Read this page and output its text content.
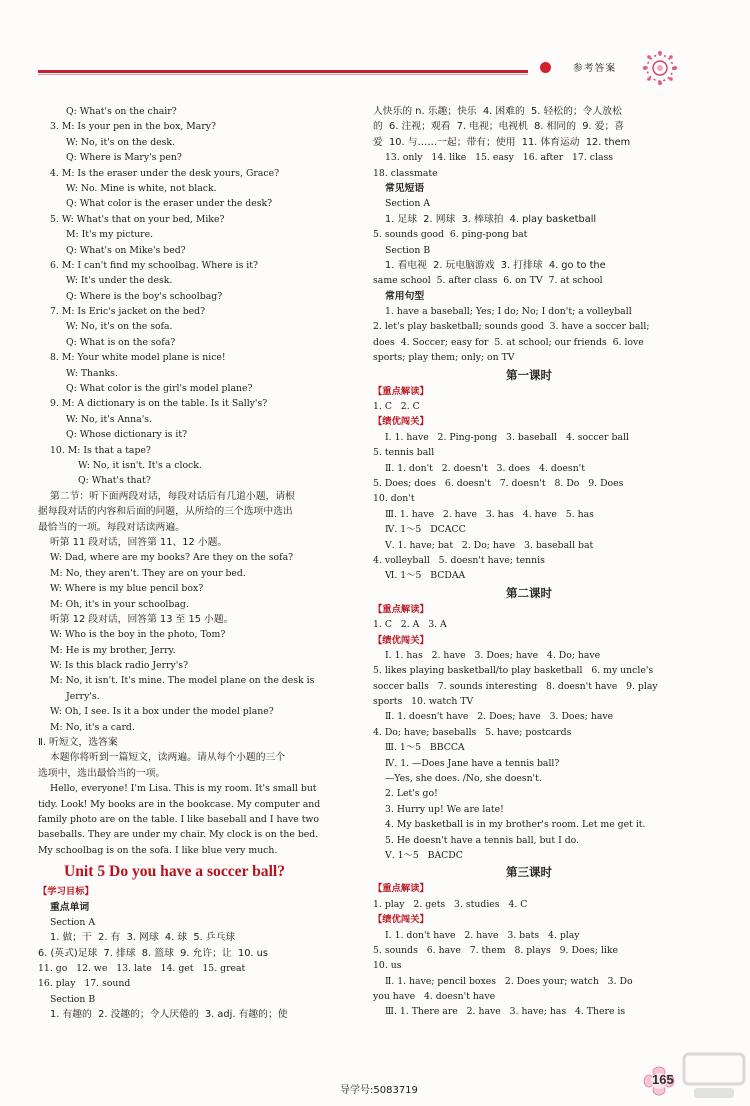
参考答案
Q: What's on the chair?
3. M: Is your pen in the box, Mary?
W: No, it's on the desk.
Q: Where is Mary's pen?
4. M: Is the eraser under the desk yours, Grace?
W: No. Mine is white, not black.
Q: What color is the eraser under the desk?
5. W: What's that on your bed, Mike?
M: It's my picture.
Q: What's on Mike's bed?
6. M: I can't find my schoolbag. Where is it?
W: It's under the desk.
Q: Where is the boy's schoolbag?
7. M: Is Eric's jacket on the bed?
W: No, it's on the sofa.
Q: What is on the sofa?
8. M: Your white model plane is nice!
W: Thanks.
Q: What color is the girl's model plane?
9. M: A dictionary is on the table. Is it Sally's?
W: No, it's Anna's.
Q: Whose dictionary is it?
10. M: Is that a tape?
W: No, it isn't. It's a clock.
Q: What's that?
第二节：听下面两段对话，每段对话后有几道小题，请根
据每段对话的内容和后面的问题，从所给的三个选项中选出
最恰当的一项。每段对话读两遍。
听第 11 段对话，回答第 11、12 小题。
W: Dad, where are my books? Are they on the sofa?
M: No, they aren't. They are on your bed.
W: Where is my blue pencil box?
M: Oh, it's in your schoolbag.
听第 12 段对话，回答第 13 至 15 小题。
W: Who is the boy in the photo, Tom?
M: He is my brother, Jerry.
W: Is this black radio Jerry's?
M: No, it isn't. It's mine. The model plane on the desk is
Jerry's.
W: Oh, I see. Is it a box under the model plane?
M: No, it's a card.
Ⅱ. 听短文，选答案
本题你将听到一篇短文，读两遍。请从每个小题的三个
选项中，选出最恰当的一项。
Hello, everyone! I'm Lisa. This is my room. It's small but
tidy. Look! My books are in the bookcase. My computer and
family photo are on the table. I like baseball and I have two
baseballs. They are under my chair. My clock is on the bed.
My schoolbag is on the sofa. I like blue very much.
Unit 5 Do you have a soccer ball?
【学习目标】
重点单词
Section A
1. 做；干  2. 有  3. 网球  4. 球  5. 乒乓球
6. (英式)足球  7. 排球  8. 篮球  9. 允许；让  10. us
11. go   12. we   13. late   14. get   15. great
16. play   17. sound
Section B
1. 有趣的  2. 没趣的；令人厌倦的  3. adj. 有趣的；使
人快乐的 n. 乐趣；快乐  4. 困难的  5. 轻松的；令人放松
的  6. 注视；观看  7. 电视；电视机  8. 相同的  9. 爱；喜
爱  10. 与……一起；带有；使用  11. 体育运动  12. them
13. only   14. like   15. easy   16. after   17. class
18. classmate
常见短语
Section A
1. 足球  2. 网球  3. 棒球拍  4. play basketball
5. sounds good  6. ping-pong bat
Section B
1. 看电视  2. 玩电脑游戏  3. 打排球  4. go to the
same school  5. after class  6. on TV  7. at school
常用句型
1. have a baseball; Yes; I do; No; I don't; a volleyball
2. let's play basketball; sounds good  3. have a soccer ball;
does  4. Soccer; easy for  5. at school; our friends  6. love
sports; play them; only; on TV
第一课时
【重点解读】
1. C   2. C
【绩优闯关】
Ⅰ. 1. have   2. Ping-pong   3. baseball   4. soccer ball
5. tennis ball
Ⅱ. 1. don't   2. doesn't   3. does   4. doesn't
5. Does; does   6. doesn't   7. doesn't   8. Do   9. Does
10. don't
Ⅲ. 1. have   2. have   3. has   4. have   5. has
Ⅳ. 1～5   DCACC
Ⅴ. 1. have; bat   2. Do; have   3. baseball bat
4. volleyball   5. doesn't have; tennis
Ⅵ. 1～5   BCDAA
第二课时
【重点解读】
1. C   2. A   3. A
【绩优闯关】
Ⅰ. 1. has   2. have   3. Does; have   4. Do; have
5. likes playing basketball/to play basketball   6. my uncle's
soccer balls   7. sounds interesting   8. doesn't have   9. play
sports   10. watch TV
Ⅱ. 1. doesn't have   2. Does; have   3. Does; have
4. Do; have; baseballs   5. have; postcards
Ⅲ. 1～5   BBCCA
Ⅳ. 1. —Does Jane have a tennis ball?
—Yes, she does. /No, she doesn't.
2. Let's go!
3. Hurry up! We are late!
4. My basketball is in my brother's room. Let me get it.
5. He doesn't have a tennis ball, but I do.
Ⅴ. 1～5   BACDC
第三课时
【重点解读】
1. play   2. gets   3. studies   4. C
【绩优闯关】
Ⅰ. 1. don't have   2. have   3. bats   4. play
5. sounds   6. have   7. them   8. plays   9. Does; like
10. us
Ⅱ. 1. have; pencil boxes   2. Does your; watch   3. Do
you have   4. doesn't have
Ⅲ. 1. There are   2. have   3. have; has   4. There is
导学号:5083719
165
